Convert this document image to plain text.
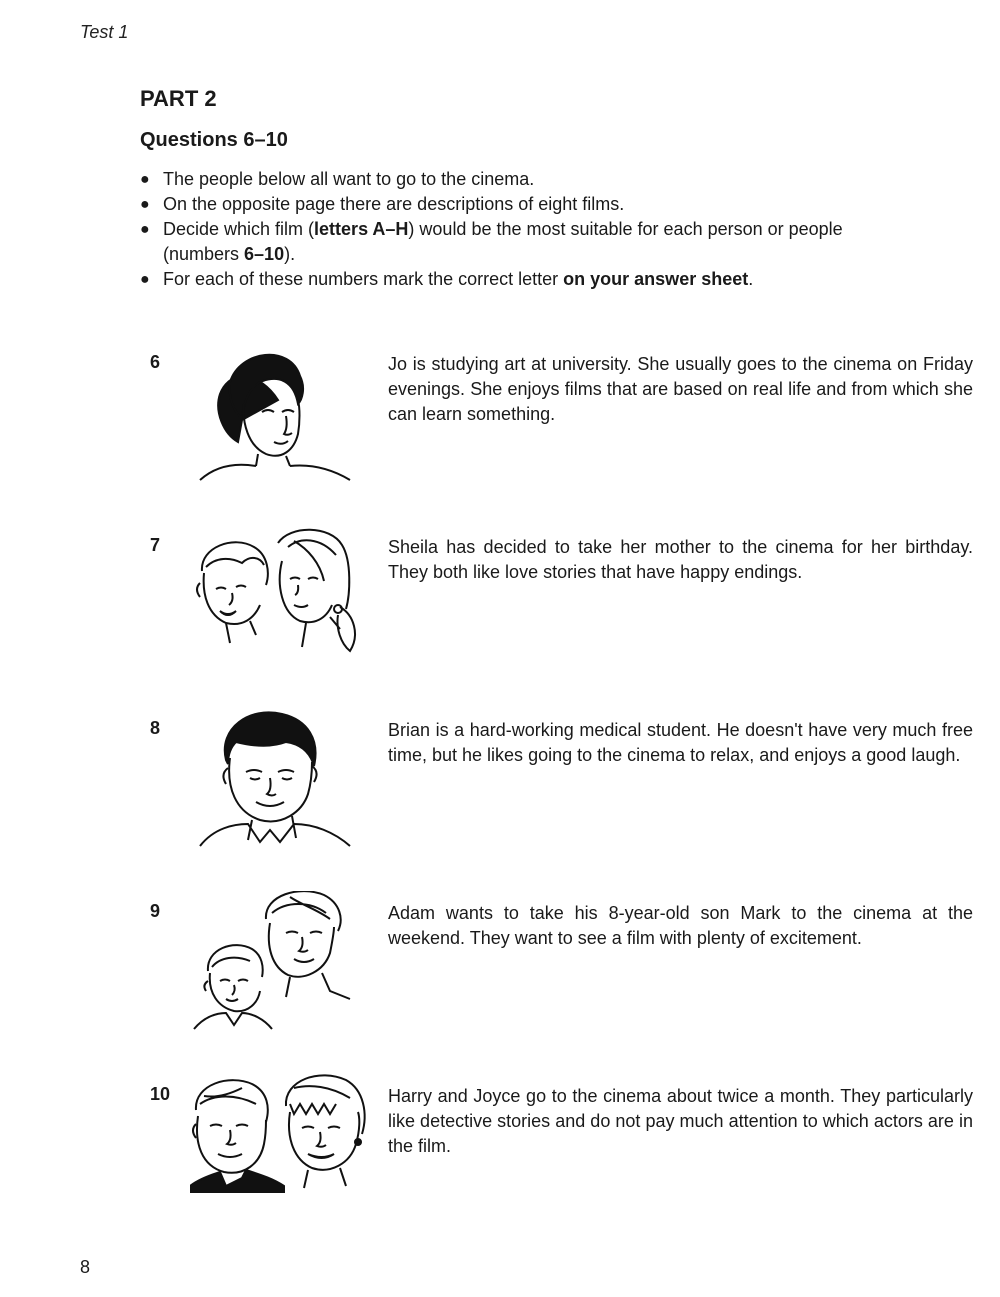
Test 1
PART 2
Questions 6–10
● The people below all want to go to the cinema.
● On the opposite page there are descriptions of eight films.
● Decide which film (letters A–H) would be the most suitable for each person or people (numbers 6–10).
● For each of these numbers mark the correct letter on your answer sheet.
6	Jo is studying art at university. She usually goes to the cinema on Friday evenings. She enjoys films that are based on real life and from which she can learn something.

7	Sheila has decided to take her mother to the cinema for her birthday. They both like love stories that have happy endings.

8	Brian is a hard-working medical student. He doesn't have very much free time, but he likes going to the cinema to relax, and enjoys a good laugh.

9	Adam wants to take his 8-year-old son Mark to the cinema at the weekend. They want to see a film with plenty of excitement.

10	Harry and Joyce go to the cinema about twice a month. They particularly like detective stories and do not pay much attention to which actors are in the film.

8
